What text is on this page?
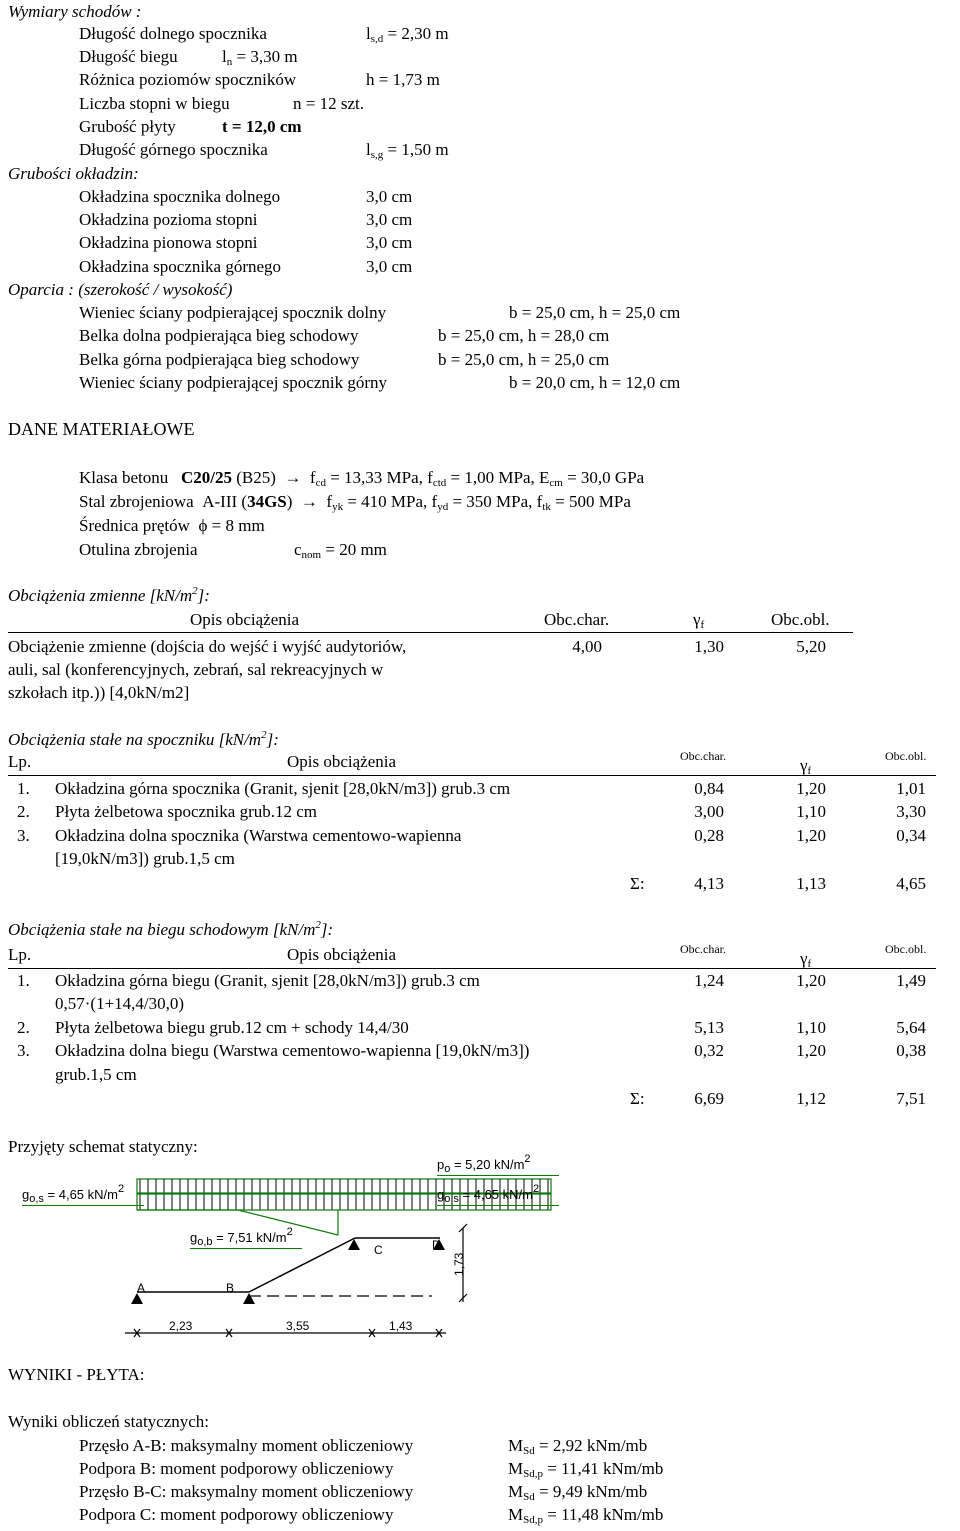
Wymiary schodów :
Długość dolnego spocznika	$l_{s,d} = 2,30$ m
Długość biegu	$l_n = 3,30$ m
Różnica poziomów spoczników	h = 1,73 m
Liczba stopni w biegu	n = 12 szt.
Grubość płyty	t = 12,0 cm
Długość górnego spocznika	$l_{s,g} = 1,50$ m
Grubości okładzin:
Okładzina spocznika dolnego	3,0 cm
Okładzina pozioma stopni	3,0 cm
Okładzina pionowa stopni	3,0 cm
Okładzina spocznika górnego	3,0 cm
Oparcia : (szerokość / wysokość)
Wieniec ściany podpierającej spocznik dolny	b = 25,0 cm, h = 25,0 cm
Belka dolna podpierająca bieg schodowy	b = 25,0 cm, h = 28,0 cm
Belka górna podpierająca bieg schodowy	b = 25,0 cm, h = 25,0 cm
Wieniec ściany podpierającej spocznik górny	b = 20,0 cm, h = 12,0 cm
DANE MATERIAŁOWE
Klasa betonu C20/25 $(B25) \to f_{cd} = 13,33$ MPa, $f_{ctd} = 1,00$ MPa, $E_{cm} = 30,0$ GPa
Stal zbrojeniowa A-III $(34GS) \to f_{yk} = 410$ MPa, $f_{yd} = 350$ MPa, $f_{tk} = 500$ MPa
Średnica prętów ϕ = 8 mm
Otulina zbrojenia	$c_{nom} = 20$ mm
Obciążenia zmienne $[kN/m^2]$:
Opis obciążenia	Obc.char.	$\gamma_f$	Obc.obl.
Obciążenie zmienne (dojścia do wejść i wyjść audytoriów,
auli, sal (konferencyjnych, zebrań, sal rekreacyjnych w
szkołach itp.)) [4,0kN/m2]
4,00	1,30	5,20
Obciążenia stałe na spoczniku $[kN/m^2]$:
Lp.	Opis obciążenia	Obc.char.	$\gamma_f$
Obc.obl.
1. Okładzina górna spocznika (Granit, sjenit [28,0kN/m3]) grub.3 cm	0,84	1,20	1,01
2. Płyta żelbetowa spocznika grub.12 cm	3,00	1,10	3,30
3. Okładzina dolna spocznika (Warstwa cementowo-wapienna
[19,0kN/m3]) grub.1,5 cm
0,28	1,20	0,34
Σ:	4,13	1,13	4,65
Obciążenia stałe na biegu schodowym $[kN/m^2]$:
Lp.	Opis obciążenia	Obc.char.	$\gamma_f$
Obc.obl.
1. Okładzina górna biegu (Granit, sjenit [28,0kN/m3]) grub.3 cm
0,57·(1+14,4/30,0)
1,24	1,20	1,49
2. Płyta żelbetowa biegu grub.12 cm + schody 14,4/30	5,13	1,10	5,64
3. Okładzina dolna biegu (Warstwa cementowo-wapienna [19,0kN/m3])
grub.1,5 cm
0,32	1,20	0,38
Σ:	6,69	1,12	7,51
Przyjęty schemat statyczny:
A	B
C	D
1,73
2,23	3,55	1,43
$p_o = 5,20$ $kN/m^2$
$g_{o,s} = 4,65$ $kN/m^2$	$g_{o,s} = 4,65$ $kN/m^2$
$g_{o,b} = 7,51$ $kN/m^2$
WYNIKI - PŁYTA:
Wyniki obliczeń statycznych:
Przęsło A-B: maksymalny moment obliczeniowy	$M_{Sd} = 2,92$ kNm/mb
Podpora B: moment podporowy obliczeniowy	$M_{Sd,p} = 11,41$ kNm/mb
Przęsło B-C: maksymalny moment obliczeniowy	$M_{Sd} = 9,49$ kNm/mb
Podpora C: moment podporowy obliczeniowy	$M_{Sd,p} = 11,48$ kNm/mb
